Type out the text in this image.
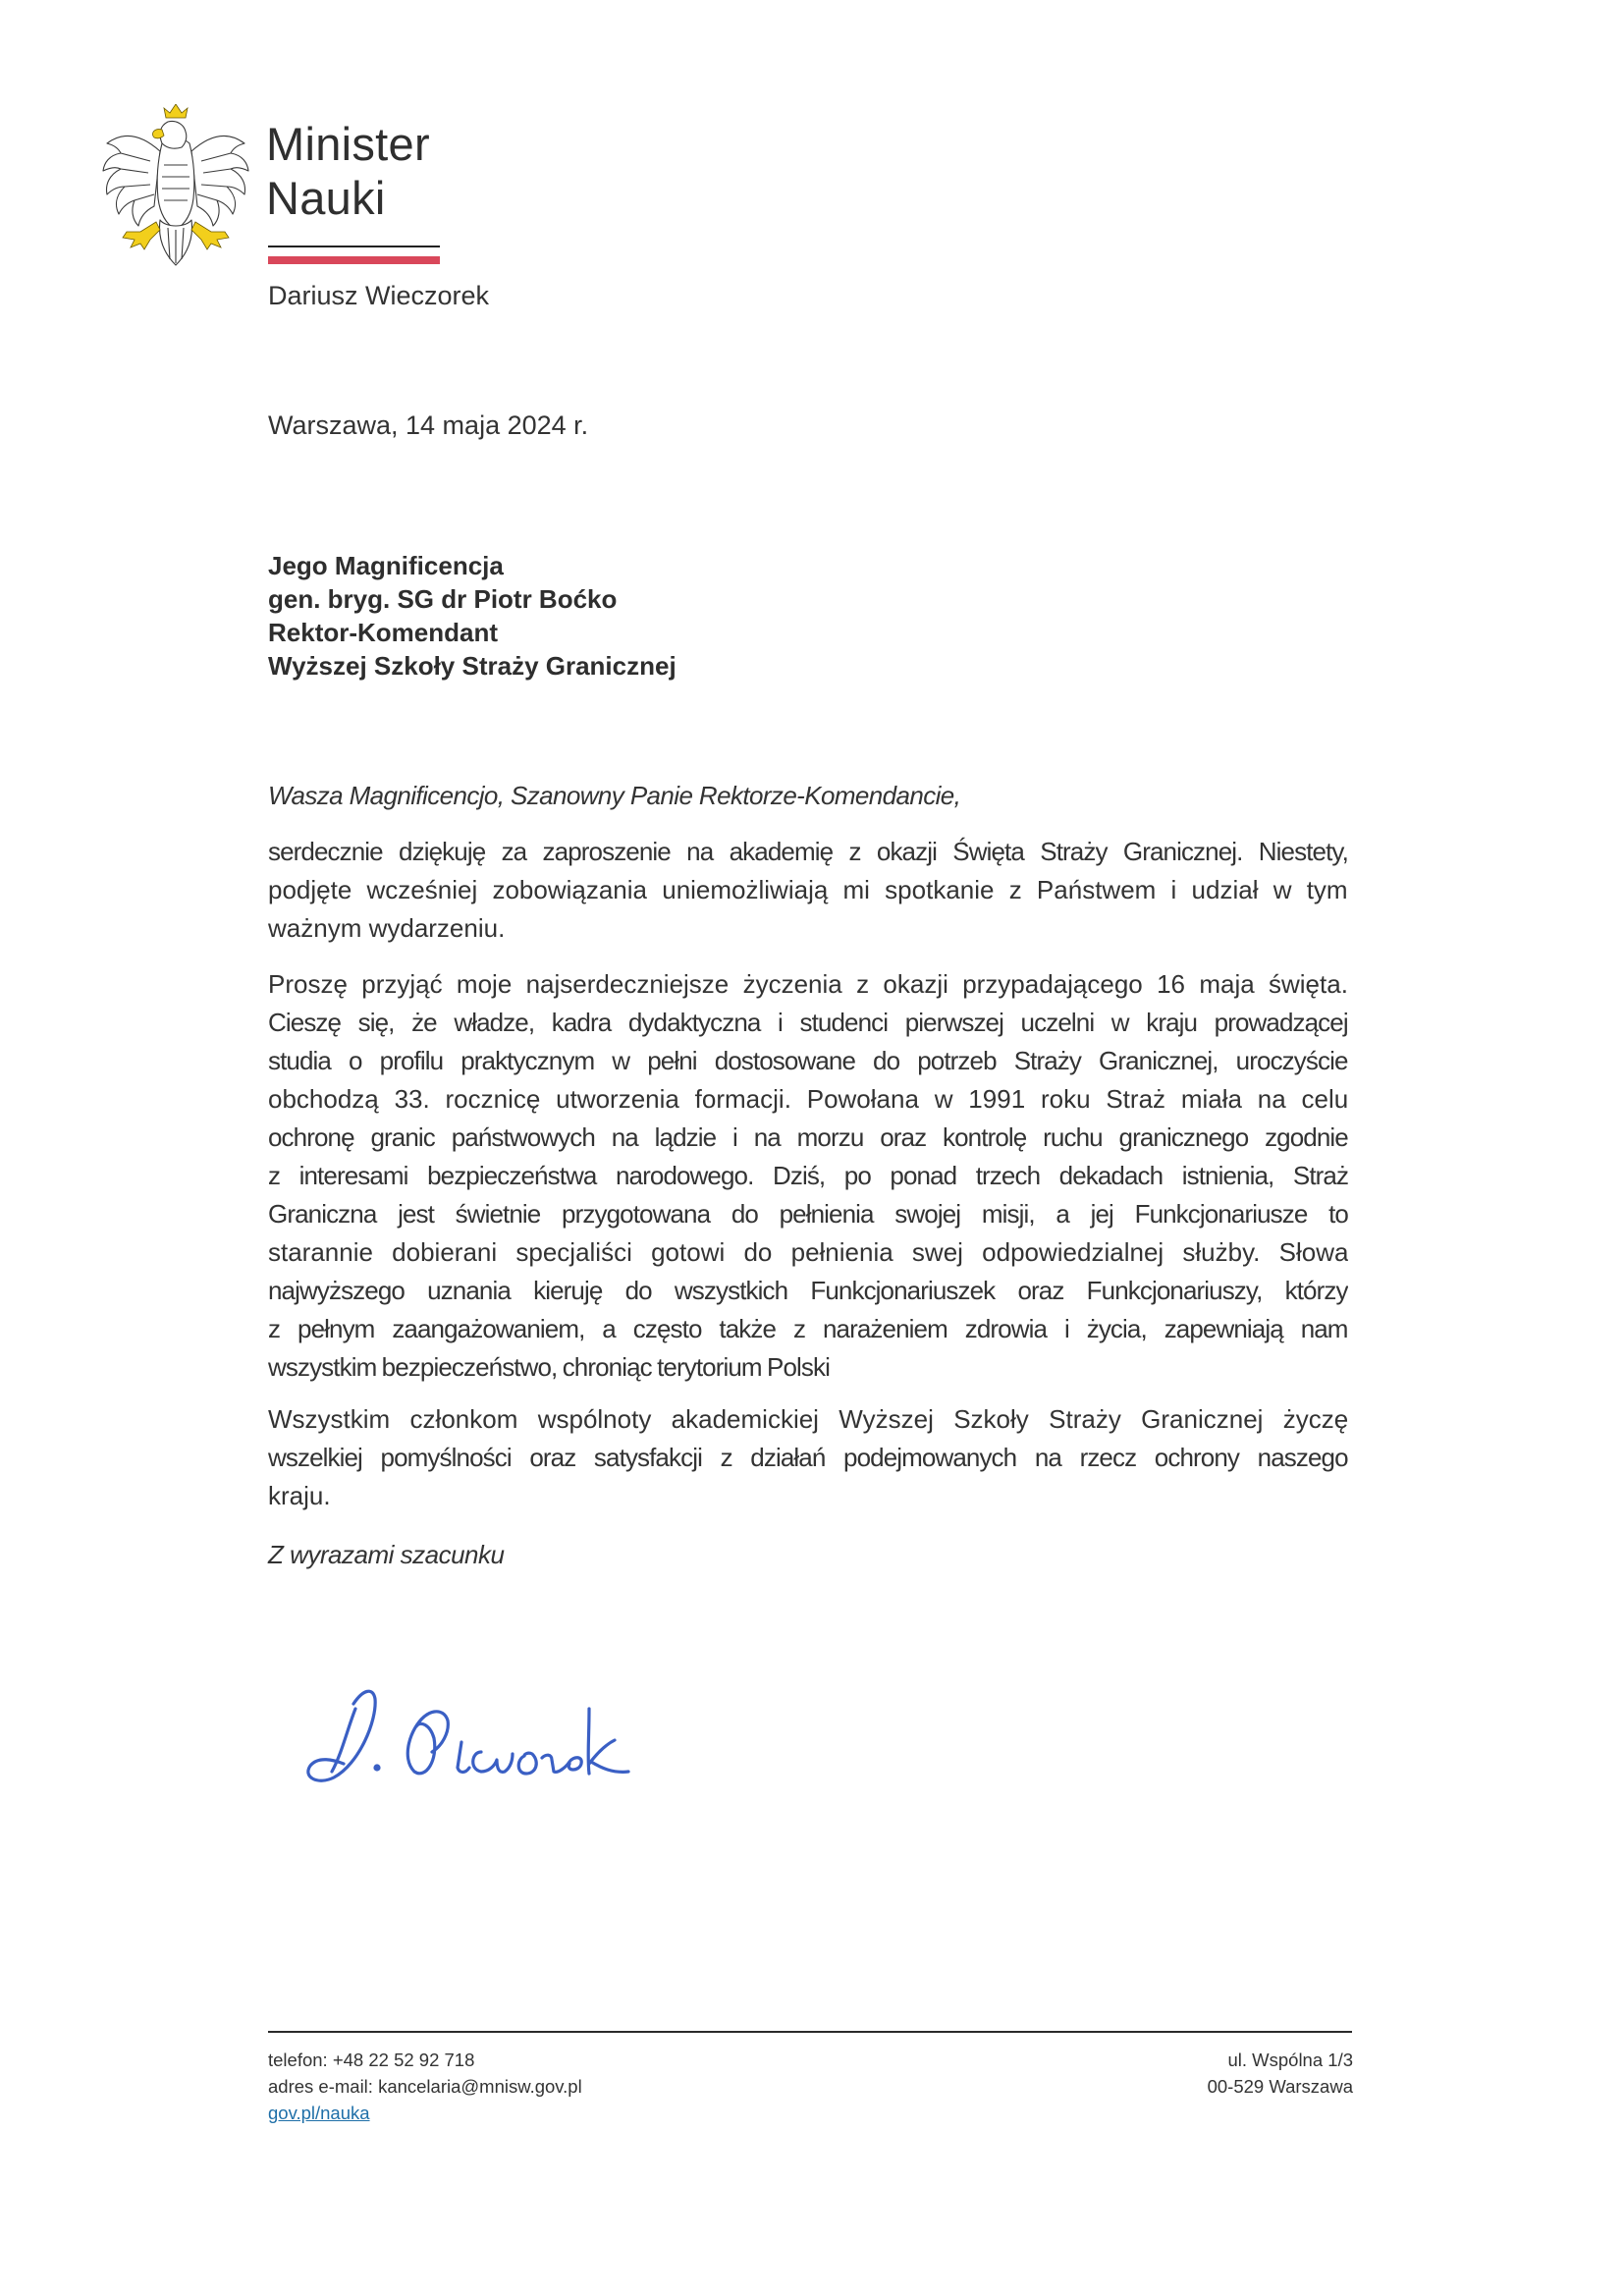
Minister
Nauki
Dariusz Wieczorek
Warszawa, 14 maja 2024 r.
Jego Magnificencja
gen. bryg. SG dr Piotr Boćko
Rektor-Komendant
Wyższej Szkoły Straży Granicznej
Wasza Magnificencjo, Szanowny Panie Rektorze-Komendancie,
serdecznie dziękuję za zaproszenie na akademię z okazji Święta Straży Granicznej. Niestety,
podjęte wcześniej zobowiązania uniemożliwiają mi spotkanie z Państwem i udział w tym
ważnym wydarzeniu.
Proszę przyjąć moje najserdeczniejsze życzenia z okazji przypadającego 16 maja święta.
Cieszę się, że władze, kadra dydaktyczna i studenci pierwszej uczelni w kraju prowadzącej
studia o profilu praktycznym w pełni dostosowane do potrzeb Straży Granicznej, uroczyście
obchodzą 33. rocznicę utworzenia formacji. Powołana w 1991 roku Straż miała na celu
ochronę granic państwowych na lądzie i na morzu oraz kontrolę ruchu granicznego zgodnie
z interesami bezpieczeństwa narodowego. Dziś, po ponad trzech dekadach istnienia, Straż
Graniczna jest świetnie przygotowana do pełnienia swojej misji, a jej Funkcjonariusze to
starannie dobierani specjaliści gotowi do pełnienia swej odpowiedzialnej służby. Słowa
najwyższego uznania kieruję do wszystkich Funkcjonariuszek oraz Funkcjonariuszy, którzy
z pełnym zaangażowaniem, a często także z narażeniem zdrowia i życia, zapewniają nam
wszystkim bezpieczeństwo, chroniąc terytorium Polski
Wszystkim członkom wspólnoty akademickiej Wyższej Szkoły Straży Granicznej życzę
wszelkiej pomyślności oraz satysfakcji z działań podejmowanych na rzecz ochrony naszego
kraju.
Z wyrazami szacunku
telefon: +48 22 52 92 718
adres e-mail: kancelaria@mnisw.gov.pl
gov.pl/nauka
ul. Wspólna 1/3
00-529 Warszawa
